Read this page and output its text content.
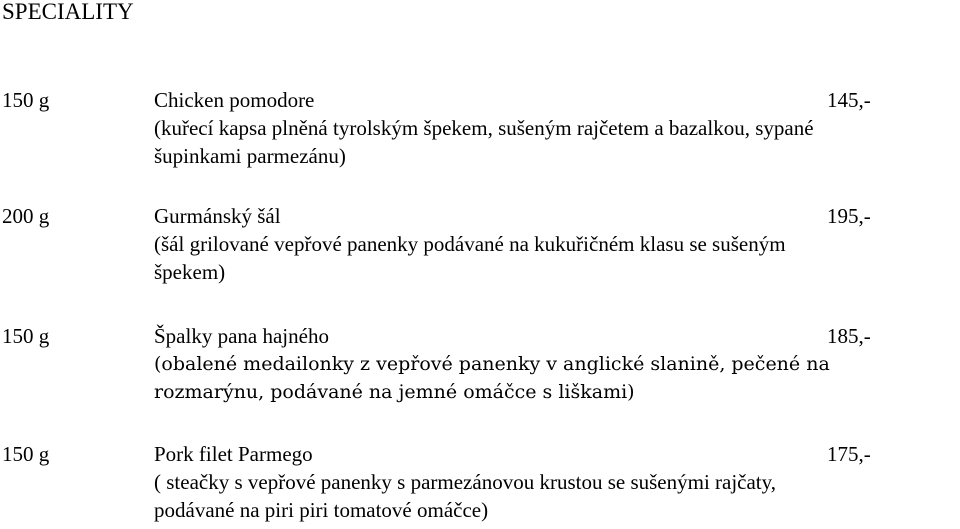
SPECIALITY
150 g	Chicken pomodore	145,-
(kuřecí kapsa plněná tyrolským špekem, sušeným rajčetem a bazalkou, sypané
šupinkami parmezánu)
200 g	Gurmánský šál	195,-
(šál grilované vepřové panenky podávané na kukuřičném klasu se sušeným
špekem)
150 g	Špalky pana hajného	185,-
(obalené medailonky z vepřové panenky v anglické slanině, pečené na
rozmarýnu, podávané na jemné omáčce s liškami)
150 g	Pork filet Parmego	175,-
( steačky s vepřové panenky s parmezánovou krustou se sušenými rajčaty,
podávané na piri piri tomatové omáčce)
